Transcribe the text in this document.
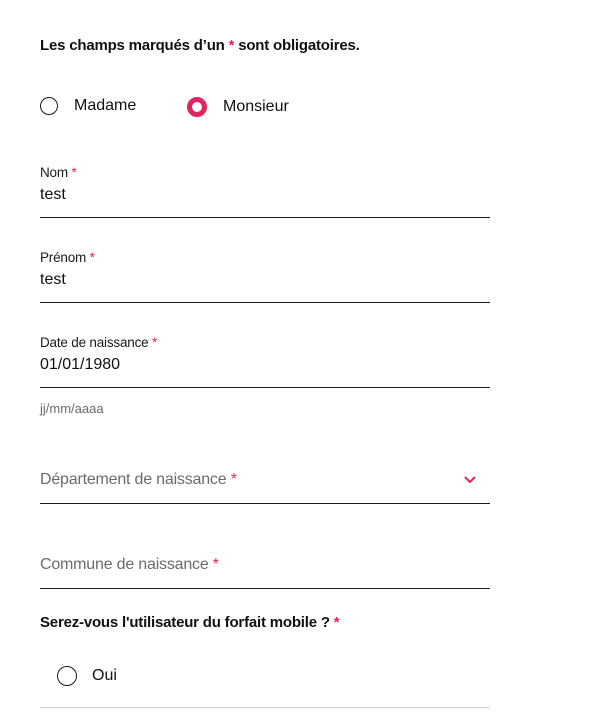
Les champs marqués d’un * sont obligatoires.
Madame	Monsieur
Nom *
test
Prénom *
test
Date de naissance *
01/01/1980
jj/mm/aaaa
Département de naissance *
Commune de naissance *
Serez-vous l'utilisateur du forfait mobile ? *
Oui
